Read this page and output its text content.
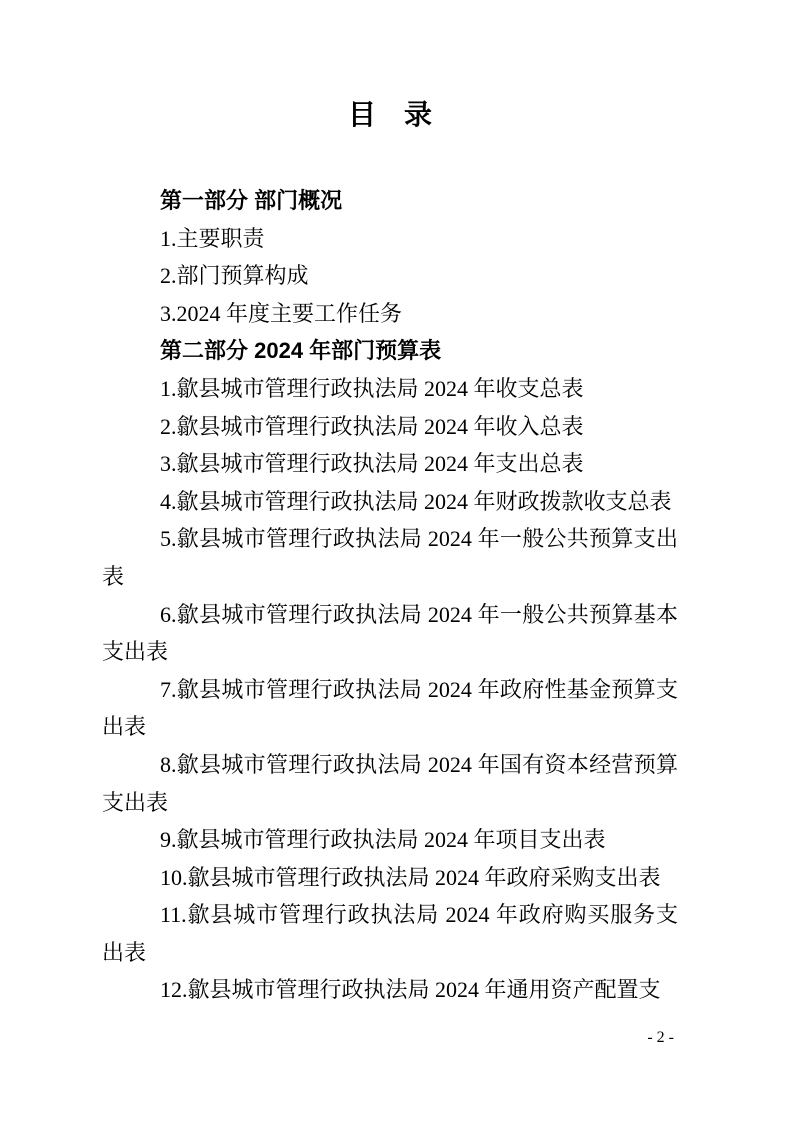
目　录
第一部分 部门概况

1.主要职责

2.部门预算构成

3.2024 年度主要工作任务

第二部分 2024 年部门预算表

1.歙县城市管理行政执法局 2024 年收支总表

2.歙县城市管理行政执法局 2024 年收入总表

3.歙县城市管理行政执法局 2024 年支出总表

4.歙县城市管理行政执法局 2024 年财政拨款收支总表

5.歙县城市管理行政执法局 2024 年一般公共预算支出表

6.歙县城市管理行政执法局 2024 年一般公共预算基本支出表

7.歙县城市管理行政执法局 2024 年政府性基金预算支出表

8.歙县城市管理行政执法局 2024 年国有资本经营预算支出表

9.歙县城市管理行政执法局 2024 年项目支出表

10.歙县城市管理行政执法局 2024 年政府采购支出表

11.歙县城市管理行政执法局 2024 年政府购买服务支出表

12.歙县城市管理行政执法局 2024 年通用资产配置支

- 2 -
